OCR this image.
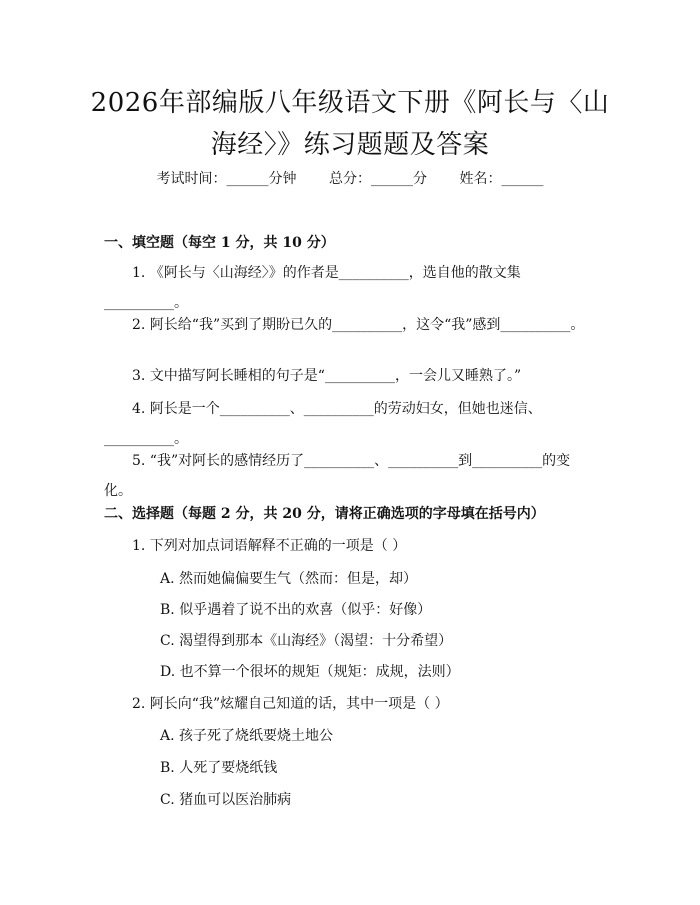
2026年部编版八年级语文下册《阿长与〈山海经〉》练习题题及答案
考试时间：______分钟 总分：______分 姓名：______
一、填空题（每空 1 分，共 10 分）
1. 《阿长与〈山海经〉》的作者是__________，选自他的散文集__________。
2. 阿长给“我”买到了期盼已久的__________，这令“我”感到__________。
3. 文中描写阿长睡相的句子是“__________，一会儿又睡熟了。”
4. 阿长是一个__________、__________的劳动妇女，但她也迷信、__________。
5. “我”对阿长的感情经历了__________、__________到__________的变化。
二、选择题（每题 2 分，共 20 分，请将正确选项的字母填在括号内）
1. 下列对加点词语解释不正确的一项是（ ）
A. 然而她偏偏要生气（然而：但是，却）
B. 似乎遇着了说不出的欢喜（似乎：好像）
C. 渴望得到那本《山海经》（渴望：十分希望）
D. 也不算一个很坏的规矩（规矩：成规，法则）
2. 阿长向“我”炫耀自己知道的话，其中一项是（ ）
A. 孩子死了烧纸要烧土地公
B. 人死了要烧纸钱
C. 猪血可以医治肺病
